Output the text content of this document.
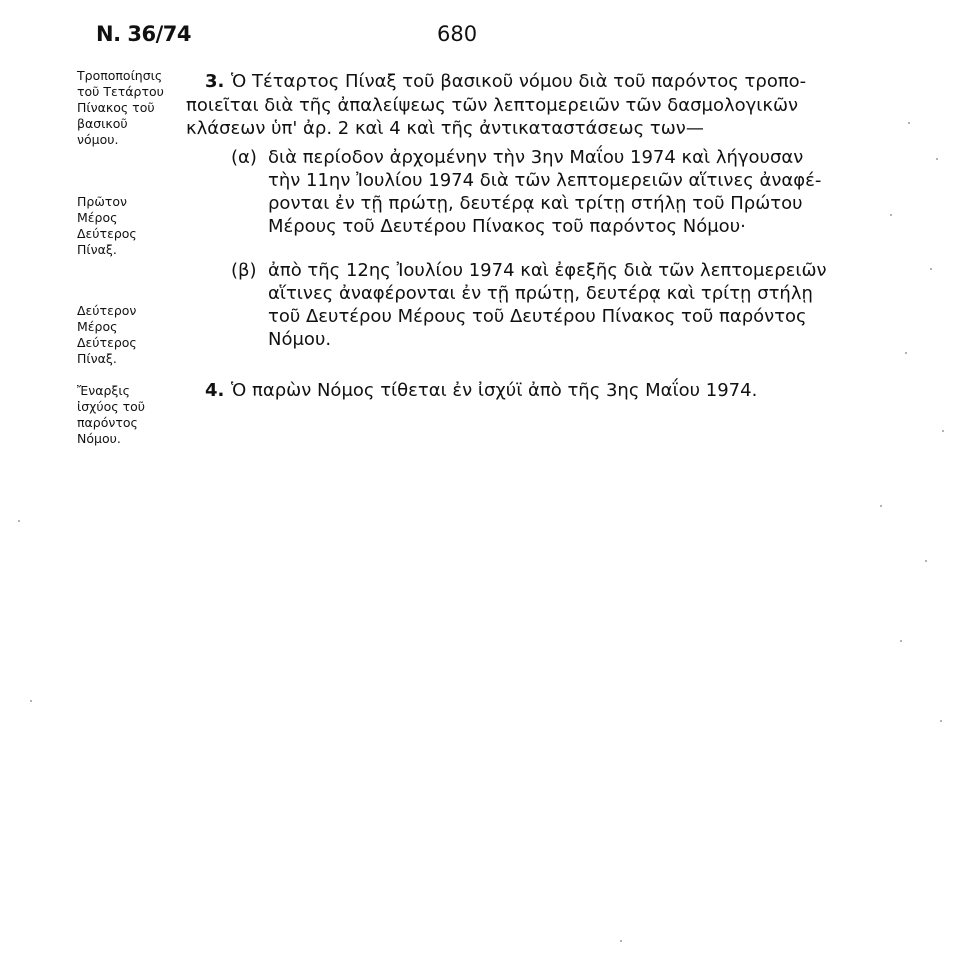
N. 36/74	680
Τροποποίησις
τοῦ Τετάρτου
Πίνακος τοῦ
βασικοῦ
νόμου.
Πρῶτον
Μέρος
Δεύτερος
Πίναξ.
Δεύτερον
Μέρος
Δεύτερος
Πίναξ.
Ἔναρξις
ἰσχύος τοῦ
παρόντος
Νόμου.
3. Ὁ Τέταρτος Πίναξ τοῦ βασικοῦ νόμου διὰ τοῦ παρόντος τροπο-
ποιεῖται διὰ τῆς ἀπαλείψεως τῶν λεπτομερειῶν τῶν δασμολογικῶν
κλάσεων ὑπ' ἀρ. 2 καὶ 4 καὶ τῆς ἀντικαταστάσεως των—
(α) διὰ περίοδον ἀρχομένην τὴν 3ην Μαΐου 1974 καὶ λήγουσαν
τὴν 11ην Ἰουλίου 1974 διὰ τῶν λεπτομερειῶν αἵτινες ἀναφέ-
ρονται ἐν τῇ πρώτῃ, δευτέρᾳ καὶ τρίτῃ στήλῃ τοῦ Πρώτου
Μέρους τοῦ Δευτέρου Πίνακος τοῦ παρόντος Νόμου·
(β) ἀπὸ τῆς 12ης Ἰουλίου 1974 καὶ ἐφεξῆς διὰ τῶν λεπτομερειῶν
αἵτινες ἀναφέρονται ἐν τῇ πρώτῃ, δευτέρᾳ καὶ τρίτῃ στήλῃ
τοῦ Δευτέρου Μέρους τοῦ Δευτέρου Πίνακος τοῦ παρόντος
Νόμου.
4. Ὁ παρὼν Νόμος τίθεται ἐν ἰσχύϊ ἀπὸ τῆς 3ης Μαΐου 1974.
